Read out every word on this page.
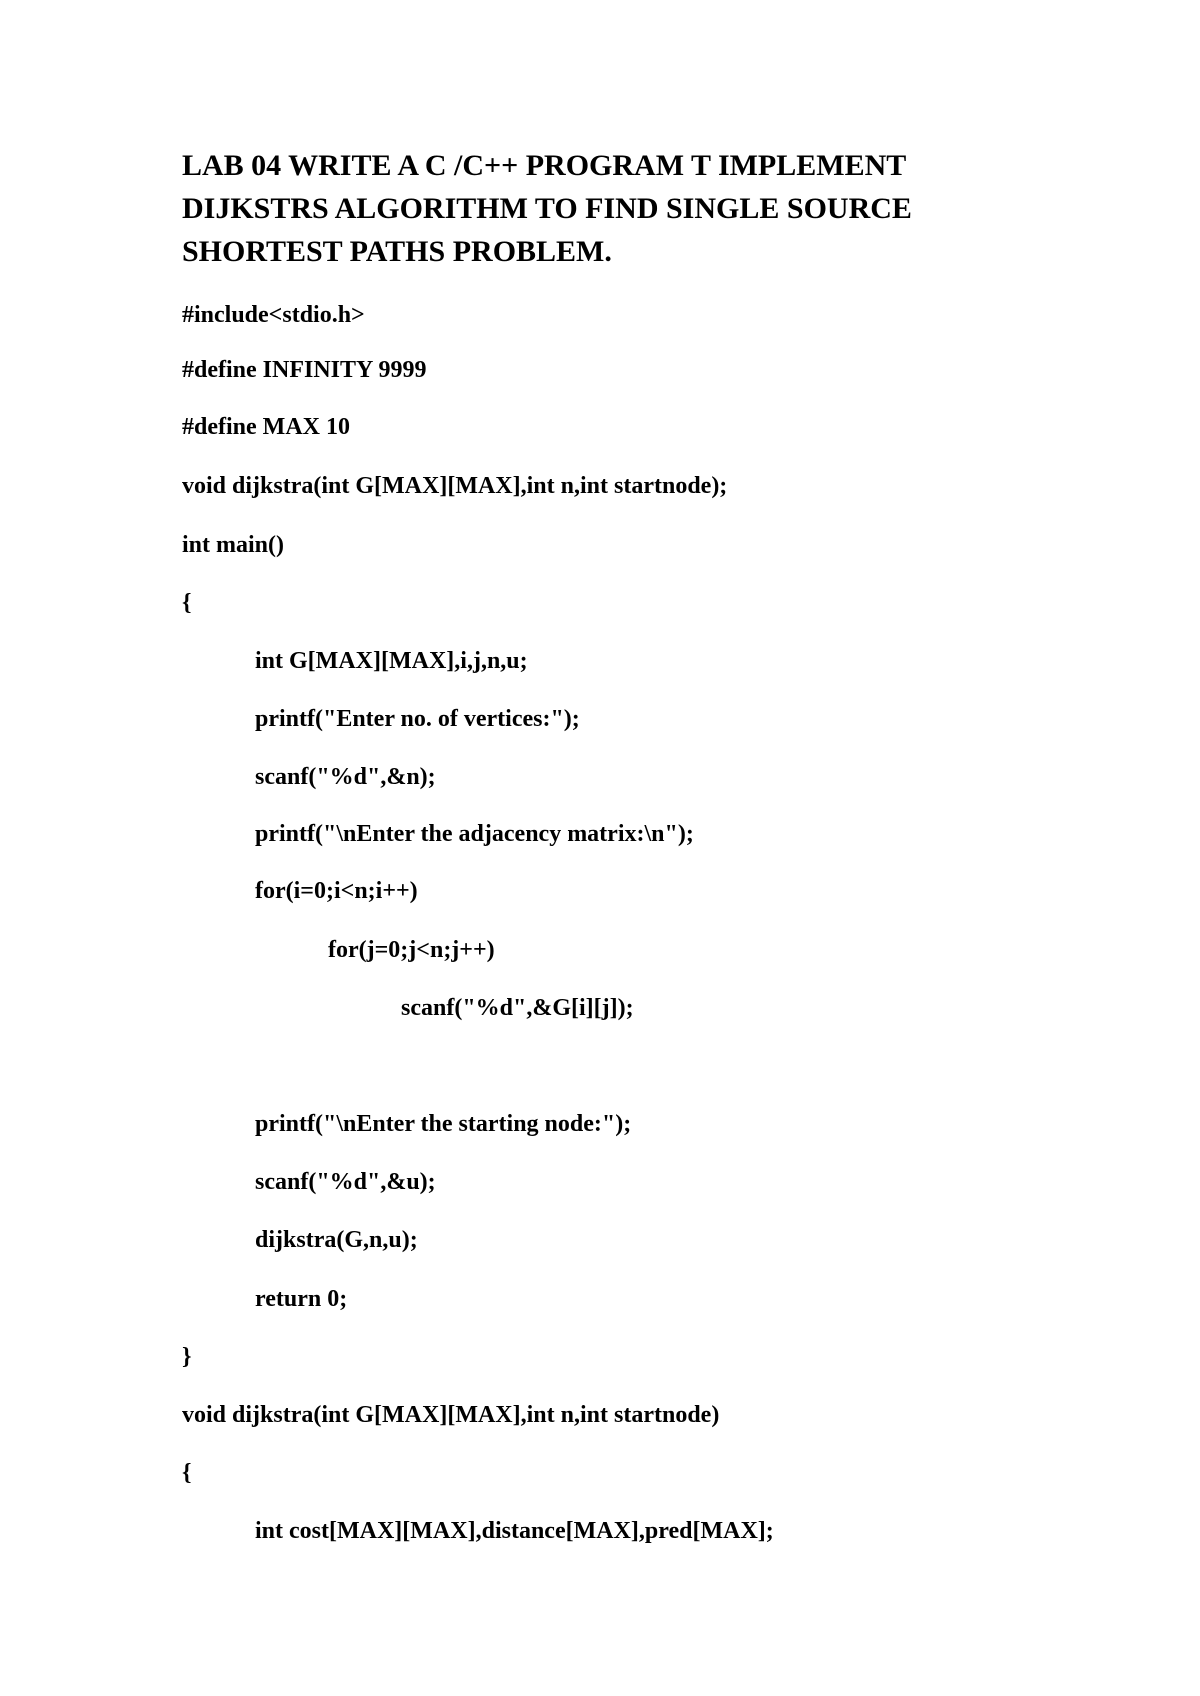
LAB 04 WRITE A C /C++ PROGRAM T IMPLEMENT
DIJKSTRS ALGORITHM TO FIND SINGLE SOURCE
SHORTEST PATHS PROBLEM.
#include<stdio.h>
#define INFINITY 9999
#define MAX 10
void dijkstra(int G[MAX][MAX],int n,int startnode);
int main()
{
int G[MAX][MAX],i,j,n,u;
printf("Enter no. of vertices:");
scanf("%d",&n);
printf("\nEnter the adjacency matrix:\n");
for(i=0;i<n;i++)
for(j=0;j<n;j++)
scanf("%d",&G[i][j]);
printf("\nEnter the starting node:");
scanf("%d",&u);
dijkstra(G,n,u);
return 0;
}
void dijkstra(int G[MAX][MAX],int n,int startnode)
{
int cost[MAX][MAX],distance[MAX],pred[MAX];
